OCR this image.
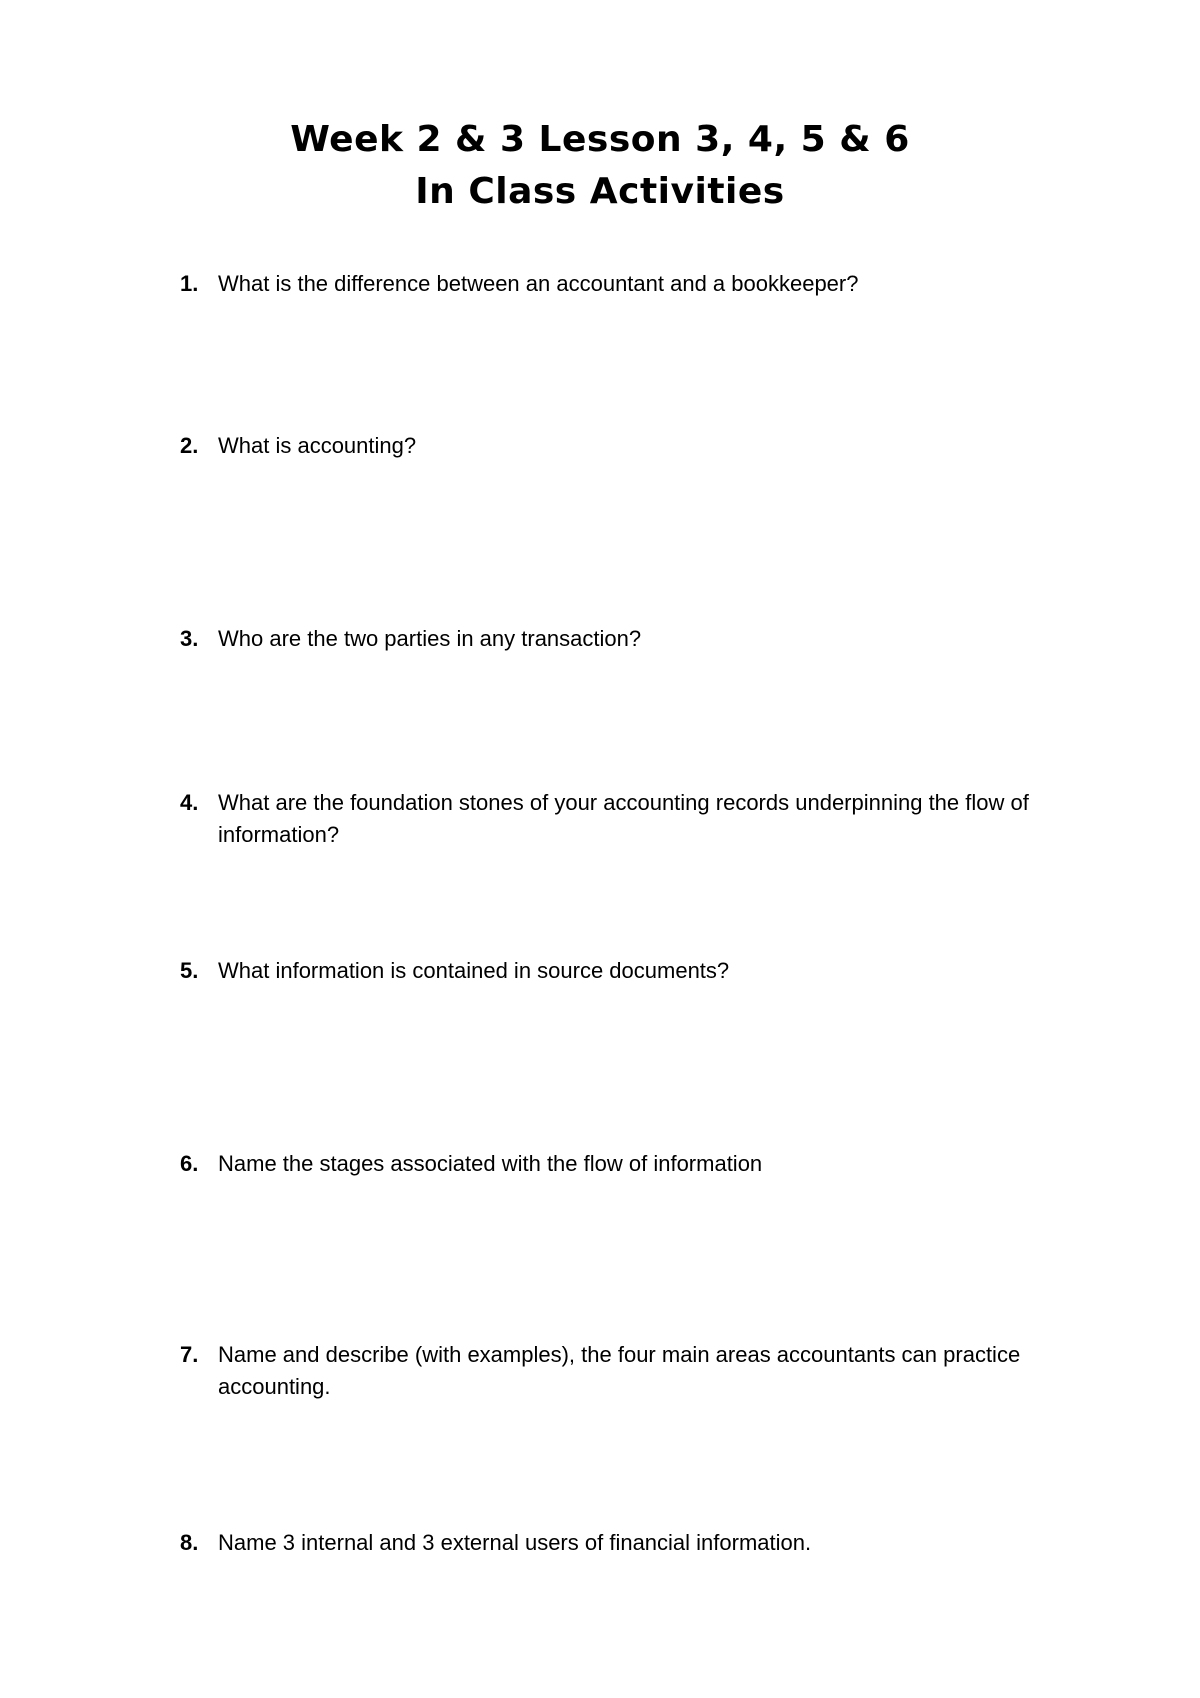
Week 2 & 3 Lesson 3, 4, 5 & 6
In Class Activities
1. What is the difference between an accountant and a bookkeeper?
2. What is accounting?
3. Who are the two parties in any transaction?
4. What are the foundation stones of your accounting records underpinning the flow of information?
5. What information is contained in source documents?
6. Name the stages associated with the flow of information
7. Name and describe (with examples), the four main areas accountants can practice accounting.
8. Name 3 internal and 3 external users of financial information.
